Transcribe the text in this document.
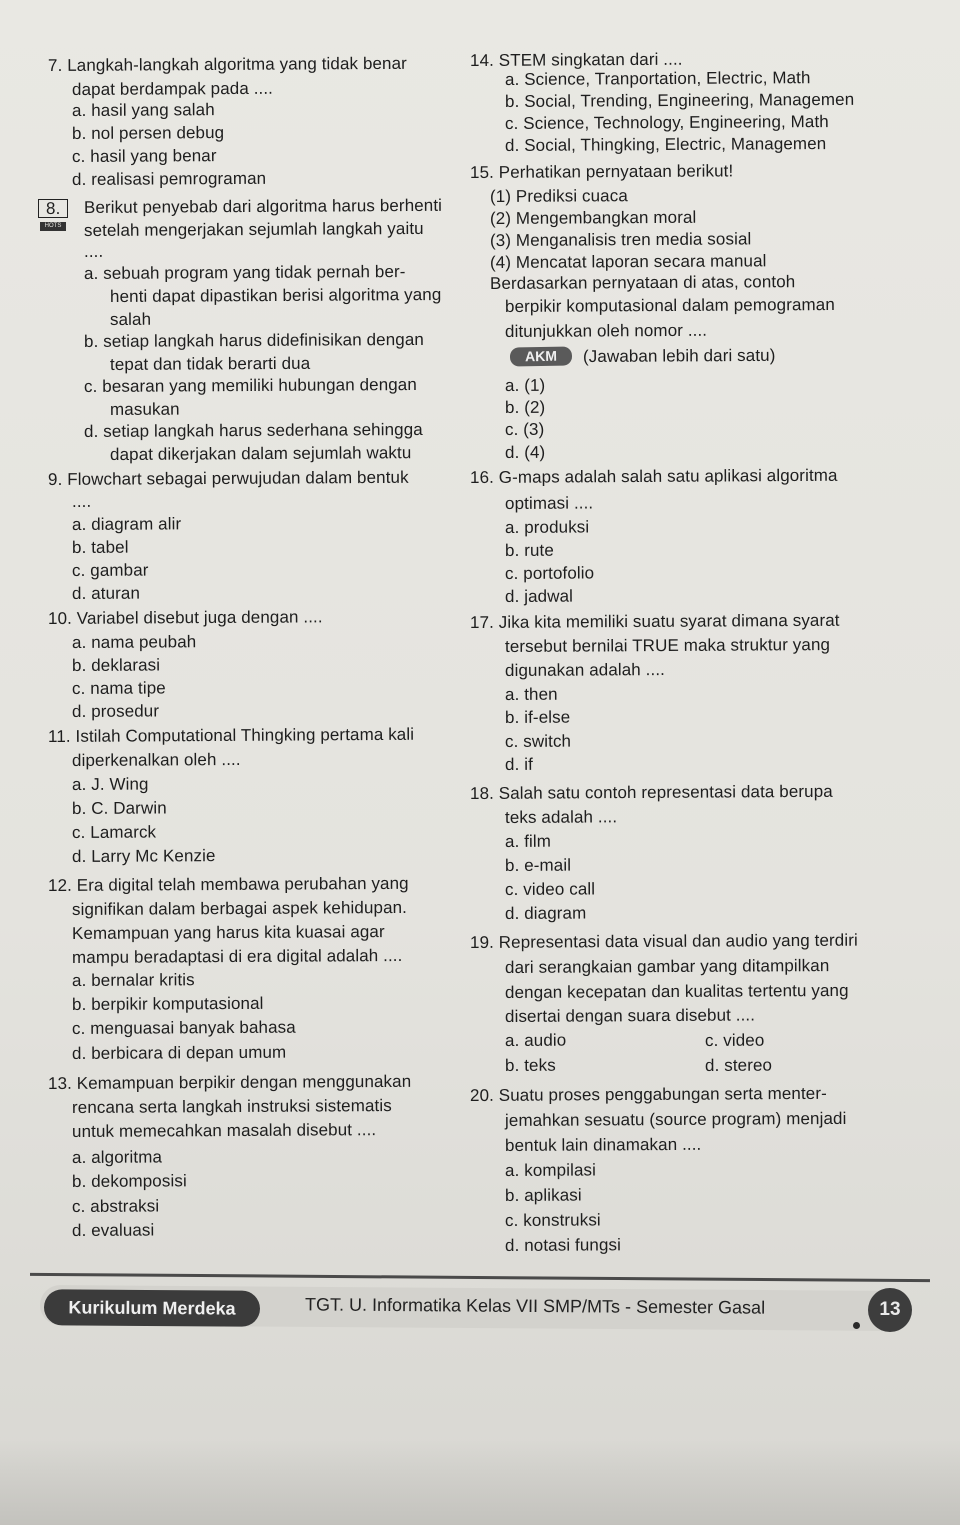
7. Langkah-langkah algoritma yang tidak benar
dapat berdampak pada ....
a. hasil yang salah
b. nol persen debug
c. hasil yang benar
d. realisasi pemrograman
8. Berikut penyebab dari algoritma harus berhenti
setelah mengerjakan sejumlah langkah yaitu
....
a. sebuah program yang tidak pernah ber-
henti dapat dipastikan berisi algoritma yang
salah
b. setiap langkah harus didefinisikan dengan
tepat dan tidak berarti dua
c. besaran yang memiliki hubungan dengan
masukan
d. setiap langkah harus sederhana sehingga
dapat dikerjakan dalam sejumlah waktu
9. Flowchart sebagai perwujudan dalam bentuk
....
a. diagram alir
b. tabel
c. gambar
d. aturan
10. Variabel disebut juga dengan ....
a. nama peubah
b. deklarasi
c. nama tipe
d. prosedur
11. Istilah Computational Thingking pertama kali
diperkenalkan oleh ....
a. J. Wing
b. C. Darwin
c. Lamarck
d. Larry Mc Kenzie
12. Era digital telah membawa perubahan yang
signifikan dalam berbagai aspek kehidupan.
Kemampuan yang harus kita kuasai agar
mampu beradaptasi di era digital adalah ....
a. bernalar kritis
b. berpikir komputasional
c. menguasai banyak bahasa
d. berbicara di depan umum
13. Kemampuan berpikir dengan menggunakan
rencana serta langkah instruksi sistematis
untuk memecahkan masalah disebut ....
a. algoritma
b. dekomposisi
c. abstraksi
d. evaluasi
14. STEM singkatan dari ....
a. Science, Tranportation, Electric, Math
b. Social, Trending, Engineering, Managemen
c. Science, Technology, Engineering, Math
d. Social, Thingking, Electric, Managemen
15. Perhatikan pernyataan berikut!
(1) Prediksi cuaca
(2) Mengembangkan moral
(3) Menganalisis tren media sosial
(4) Mencatat laporan secara manual
Berdasarkan pernyataan di atas, contoh
berpikir komputasional dalam pemograman
ditunjukkan oleh nomor ....
(Jawaban lebih dari satu)
a. (1)
b. (2)
c. (3)
d. (4)
16. G-maps adalah salah satu aplikasi algoritma
optimasi ....
a. produksi
b. rute
c. portofolio
d. jadwal
17. Jika kita memiliki suatu syarat dimana syarat
tersebut bernilai TRUE maka struktur yang
digunakan adalah ....
a. then
b. if-else
c. switch
d. if
18. Salah satu contoh representasi data berupa
teks adalah ....
a. film
b. e-mail
c. video call
d. diagram
19. Representasi data visual dan audio yang terdiri
dari serangkaian gambar yang ditampilkan
dengan kecepatan dan kualitas tertentu yang
disertai dengan suara disebut ....
a. audio	c. video
b. teks	d. stereo
20. Suatu proses penggabungan serta menter-
jemahkan sesuatu (source program) menjadi
bentuk lain dinamakan ....
a. kompilasi
b. aplikasi
c. konstruksi
d. notasi fungsi
HOTS
AKM
Kurikulum Merdeka	TGT. U. Informatika Kelas VII SMP/MTs - Semester Gasal	13
